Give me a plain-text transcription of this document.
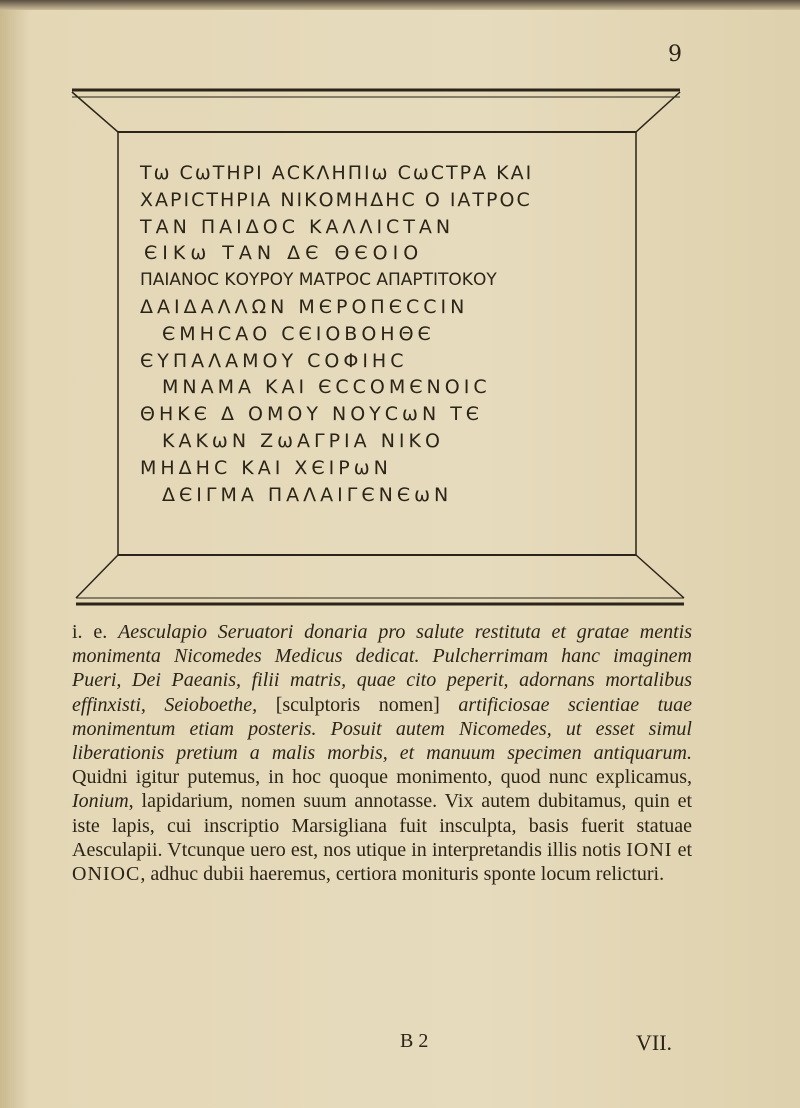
9
Τω CωΤΗΡΙ ΑCΚΛΗΠΙω CωCΤΡΑ ΚΑΙ
ΧΑΡΙCΤΗΡΙΑ ΝΙΚΟΜΗΔΗC Ο ΙΑΤΡΟC
ΤΑΝ ΠΑΙΔΟC ΚΑΛΛΙCΤΑΝ
ЄΙΚω ΤΑΝ ΔЄ ΘЄΟΙΟ
ΠΑΙΑΝΟC ΚΟΥΡΟΥ ΜΑΤΡΟC ΑΠΑΡΤΙΤΟΚΟΥ
ΔΑΙΔΑΛΛΩΝ ΜЄΡΟΠЄCCΙΝ
ЄΜΗCΑΟ CЄΙΟΒΟΗΘЄ
ЄΥΠΑΛΑΜΟΥ CΟΦΙΗC
ΜΝΑΜΑ ΚΑΙ ЄCCΟΜЄΝΟΙC
ΘΗΚЄ Δ ΟΜΟΥ ΝΟΥCωΝ ΤЄ
ΚΑΚωΝ ΖωΑΓΡΙΑ ΝΙΚΟ
ΜΗΔΗC ΚΑΙ ΧЄΙΡωΝ
ΔЄΙΓΜΑ ΠΑΛΑΙΓЄΝЄωΝ
i. e. Aesculapio Seruatori donaria pro salute restituta et gratae mentis monimenta Nicomedes Medicus dedicat. Pulcherrimam hanc imaginem Pueri, Dei Paeanis, filii matris, quae cito peperit, adornans mortalibus effinxisti, Seioboethe, [sculptoris nomen] artificiosae scientiae tuae monimentum etiam posteris. Posuit autem Nicomedes, ut esset simul liberationis pretium a malis morbis, et manuum specimen antiquarum. Quidni igitur putemus, in hoc quoque monimento, quod nunc explicamus, Ionium, lapidarium, nomen suum annotasse. Vix autem dubitamus, quin et iste lapis, cui inscriptio Marsigliana fuit insculpta, basis fuerit statuae Aesculapii. Vtcunque uero est, nos utique in interpretandis illis notis ΙΟΝΙ et ΟΝΙΟC, adhuc dubii haeremus, certiora monituris sponte locum relicturi.
B 2	VII.
